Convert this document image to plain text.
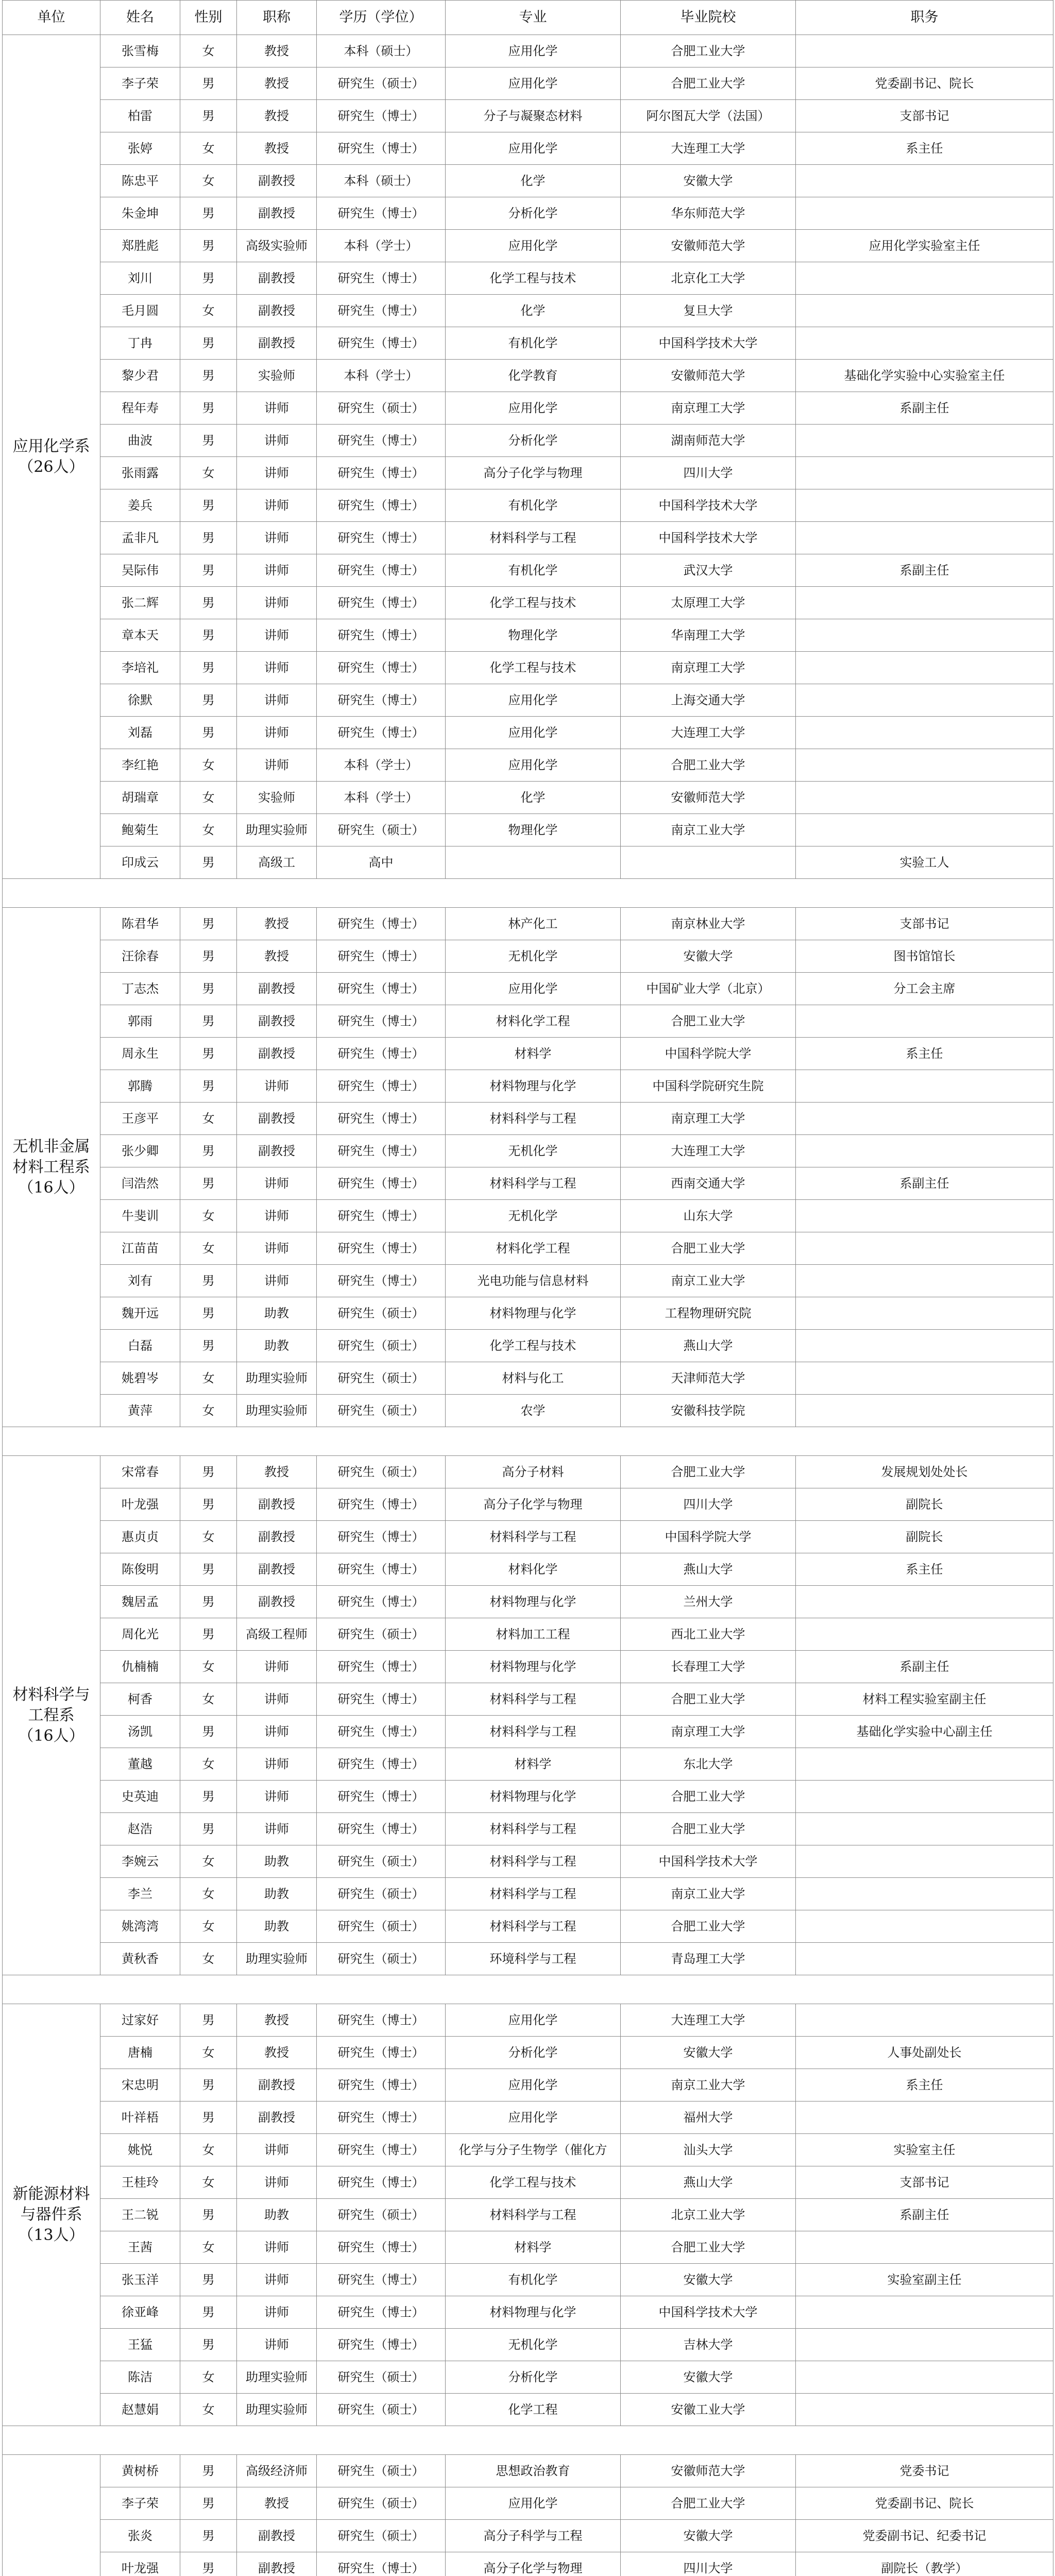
单位	姓名	性别	职称	学历（学位）	专业	毕业院校	职务

应用化学系
（26人）	张雪梅	女	教授	本科（硕士）	应用化学	合肥工业大学	
	李子荣	男	教授	研究生（硕士）	应用化学	合肥工业大学	党委副书记、院长
	柏雷	男	教授	研究生（博士）	分子与凝聚态材料	阿尔图瓦大学（法国）	支部书记
	张婷	女	教授	研究生（博士）	应用化学	大连理工大学	系主任
	陈忠平	女	副教授	本科（硕士）	化学	安徽大学	
	朱金坤	男	副教授	研究生（博士）	分析化学	华东师范大学	
	郑胜彪	男	高级实验师	本科（学士）	应用化学	安徽师范大学	应用化学实验室主任
	刘川	男	副教授	研究生（博士）	化学工程与技术	北京化工大学	
	毛月圆	女	副教授	研究生（博士）	化学	复旦大学	
	丁冉	男	副教授	研究生（博士）	有机化学	中国科学技术大学	
	黎少君	男	实验师	本科（学士）	化学教育	安徽师范大学	基础化学实验中心实验室主任
	程年寿	男	讲师	研究生（硕士）	应用化学	南京理工大学	系副主任
	曲波	男	讲师	研究生（博士）	分析化学	湖南师范大学	
	张雨露	女	讲师	研究生（博士）	高分子化学与物理	四川大学	
	姜兵	男	讲师	研究生（博士）	有机化学	中国科学技术大学	
	孟非凡	男	讲师	研究生（博士）	材料科学与工程	中国科学技术大学	
	吴际伟	男	讲师	研究生（博士）	有机化学	武汉大学	系副主任
	张二辉	男	讲师	研究生（博士）	化学工程与技术	太原理工大学	
	章本天	男	讲师	研究生（博士）	物理化学	华南理工大学	
	李培礼	男	讲师	研究生（博士）	化学工程与技术	南京理工大学	
	徐默	男	讲师	研究生（博士）	应用化学	上海交通大学	
	刘磊	男	讲师	研究生（博士）	应用化学	大连理工大学	
	李红艳	女	讲师	本科（学士）	应用化学	合肥工业大学	
	胡瑞章	女	实验师	本科（学士）	化学	安徽师范大学	
	鲍菊生	女	助理实验师	研究生（硕士）	物理化学	南京工业大学	
	印成云	男	高级工	高中			实验工人

无机非金属材料工程系
（16人）	陈君华	男	教授	研究生（博士）	林产化工	南京林业大学	支部书记
	汪徐春	男	教授	研究生（博士）	无机化学	安徽大学	图书馆馆长
	丁志杰	男	副教授	研究生（博士）	应用化学	中国矿业大学（北京）	分工会主席
	郭雨	男	副教授	研究生（博士）	材料化学工程	合肥工业大学	
	周永生	男	副教授	研究生（博士）	材料学	中国科学院大学	系主任
	郭腾	男	讲师	研究生（博士）	材料物理与化学	中国科学院研究生院	
	王彦平	女	副教授	研究生（博士）	材料科学与工程	南京理工大学	
	张少卿	男	副教授	研究生（博士）	无机化学	大连理工大学	
	闫浩然	男	讲师	研究生（博士）	材料科学与工程	西南交通大学	系副主任
	牛斐训	女	讲师	研究生（博士）	无机化学	山东大学	
	江苗苗	女	讲师	研究生（博士）	材料化学工程	合肥工业大学	
	刘有	男	讲师	研究生（博士）	光电功能与信息材料	南京工业大学	
	魏开远	男	助教	研究生（硕士）	材料物理与化学	工程物理研究院	
	白磊	男	助教	研究生（硕士）	化学工程与技术	燕山大学	
	姚碧岑	女	助理实验师	研究生（硕士）	材料与化工	天津师范大学	
	黄萍	女	助理实验师	研究生（硕士）	农学	安徽科技学院	

材料科学与工程系
（16人）	宋常春	男	教授	研究生（硕士）	高分子材料	合肥工业大学	发展规划处处长
	叶龙强	男	副教授	研究生（博士）	高分子化学与物理	四川大学	副院长
	惠贞贞	女	副教授	研究生（博士）	材料科学与工程	中国科学院大学	副院长
	陈俊明	男	副教授	研究生（博士）	材料化学	燕山大学	系主任
	魏居孟	男	副教授	研究生（博士）	材料物理与化学	兰州大学	
	周化光	男	高级工程师	研究生（硕士）	材料加工工程	西北工业大学	
	仇楠楠	女	讲师	研究生（博士）	材料物理与化学	长春理工大学	系副主任
	柯香	女	讲师	研究生（博士）	材料科学与工程	合肥工业大学	材料工程实验室副主任
	汤凯	男	讲师	研究生（博士）	材料科学与工程	南京理工大学	基础化学实验中心副主任
	董越	女	讲师	研究生（博士）	材料学	东北大学	
	史英迪	男	讲师	研究生（博士）	材料物理与化学	合肥工业大学	
	赵浩	男	讲师	研究生（博士）	材料科学与工程	合肥工业大学	
	李婉云	女	助教	研究生（硕士）	材料科学与工程	中国科学技术大学	
	李兰	女	助教	研究生（硕士）	材料科学与工程	南京工业大学	
	姚湾湾	女	助教	研究生（硕士）	材料科学与工程	合肥工业大学	
	黄秋香	女	助理实验师	研究生（硕士）	环境科学与工程	青岛理工大学	

新能源材料与器件系
（13人）	过家好	男	教授	研究生（博士）	应用化学	大连理工大学	
	唐楠	女	教授	研究生（博士）	分析化学	安徽大学	人事处副处长
	宋忠明	男	副教授	研究生（博士）	应用化学	南京工业大学	系主任
	叶祥梧	男	副教授	研究生（博士）	应用化学	福州大学	
	姚悦	女	讲师	研究生（博士）	化学与分子生物学（催化方	汕头大学	实验室主任
	王桂玲	女	讲师	研究生（博士）	化学工程与技术	燕山大学	支部书记
	王二锐	男	助教	研究生（硕士）	材料科学与工程	北京工业大学	系副主任
	王茜	女	讲师	研究生（博士）	材料学	合肥工业大学	
	张玉洋	男	讲师	研究生（博士）	有机化学	安徽大学	实验室副主任
	徐亚峰	男	讲师	研究生（博士）	材料物理与化学	中国科学技术大学	
	王猛	男	讲师	研究生（博士）	无机化学	吉林大学	
	陈洁	女	助理实验师	研究生（硕士）	分析化学	安徽大学	
	赵慧娟	女	助理实验师	研究生（硕士）	化学工程	安徽工业大学	

	黄树桥	男	高级经济师	研究生（硕士）	思想政治教育	安徽师范大学	党委书记
	李子荣	男	教授	研究生（硕士）	应用化学	合肥工业大学	党委副书记、院长
	张炎	男	副教授	研究生（硕士）	高分子科学与工程	安徽大学	党委副书记、纪委书记
	叶龙强	男	副教授	研究生（博士）	高分子化学与物理	四川大学	副院长（教学）
